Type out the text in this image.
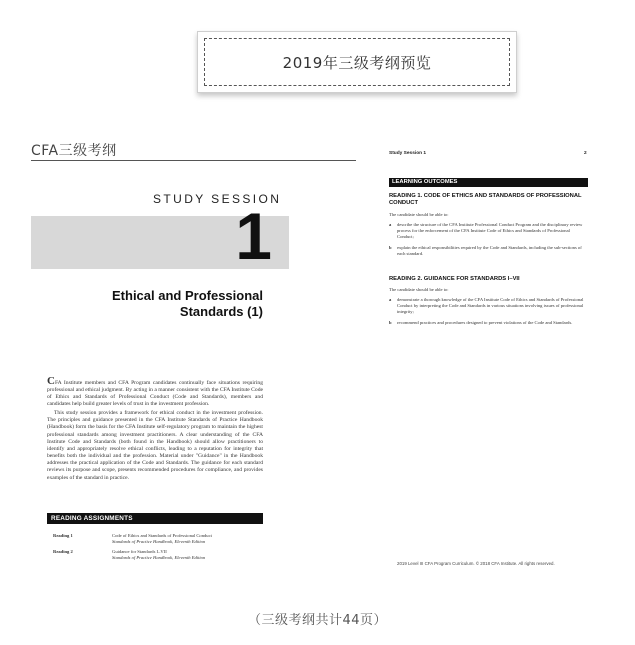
2019年三级考纲预览
CFA三级考纲
STUDY SESSION
1
Ethical and Professional
Standards (1)

CFA Institute members and CFA Program candidates continually face situations requiring professional and ethical judgment. By acting in a manner consistent with the CFA Institute Code of Ethics and Standards of Professional Conduct (Code and Standards), members and candidates help build greater levels of trust in the investment profession.

This study session provides a framework for ethical conduct in the investment profession. The principles and guidance presented in the CFA Institute Standards of Practice Handbook (Handbook) form the basis for the CFA Institute self-regulatory program to maintain the highest professional standards among investment practitioners. A clear understanding of the CFA Institute Code and Standards (both found in the Handbook) should allow practitioners to identify and appropriately resolve ethical conflicts, leading to a reputation for integrity that benefits both the individual and the profession. Material under "Guidance" in the Handbook addresses the practical application of the Code and Standards. The guidance for each standard reviews its purpose and scope, presents recommended procedures for compliance, and provides examples of the standard in practice.

READING ASSIGNMENTS
Reading 1	Code of Ethics and Standards of Professional Conduct
Standards of Practice Handbook, Eleventh Edition
Reading 2	Guidance for Standards I–VII
Standards of Practice Handbook, Eleventh Edition
Study Session 1	2
LEARNING OUTCOMES
READING 1. CODE OF ETHICS AND STANDARDS OF PROFESSIONAL CONDUCT
The candidate should be able to:
a describe the structure of the CFA Institute Professional Conduct Program and the disciplinary review process for the enforcement of the CFA Institute Code of Ethics and Standards of Professional Conduct;
b explain the ethical responsibilities required by the Code and Standards, including the sub-sections of each standard.
READING 2. GUIDANCE FOR STANDARDS I–VII
The candidate should be able to:
a demonstrate a thorough knowledge of the CFA Institute Code of Ethics and Standards of Professional Conduct by interpreting the Code and Standards in various situations involving issues of professional integrity;
b recommend practices and procedures designed to prevent violations of the Code and Standards.
2019 Level III CFA Program Curriculum. © 2018 CFA Institute. All rights reserved.
（三级考纲共计44页）
